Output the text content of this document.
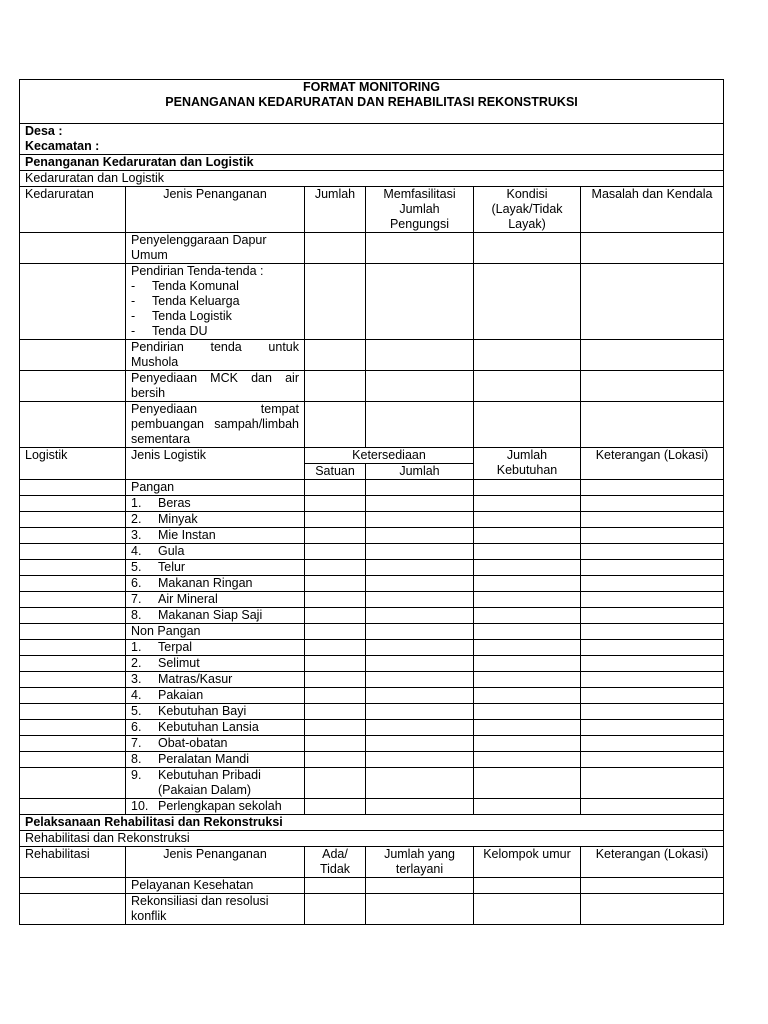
FORMAT MONITORING
PENANGANAN KEDARURATAN DAN REHABILITASI REKONSTRUKSI					

Desa :
Kecamatan :					

Penanganan Kedaruratan dan Logistik					
Kedaruratan dan Logistik					
Kedaruratan	Jenis Penanganan	Jumlah	Memfasilitasi Jumlah Pengungsi	Kondisi (Layak/Tidak Layak)	Masalah dan Kendala
	Penyelenggaraan Dapur Umum				

	Pendirian Tenda-tenda :
- Tenda Komunal
- Tenda Keluarga
- Tenda Logistik
- Tenda DU				

	Pendirian tenda untuk Mushola				
	Penyediaan MCK dan air bersih				
	Penyediaan tempat pembuangan sampah/limbah sementara				
Logistik	Jenis Logistik	Ketersediaan		Jumlah Kebutuhan	Keterangan (Lokasi)
		Satuan	Jumlah		
	Pangan				

	1. Beras				

	2. Minyak				

	3. Mie Instan				

	4. Gula				

	5. Telur				

	6. Makanan Ringan				

	7. Air Mineral				

	8. Makanan Siap Saji				

	Non Pangan				

	1. Terpal				

	2. Selimut				

	3. Matras/Kasur				

	4. Pakaian				

	5. Kebutuhan Bayi				

	6. Kebutuhan Lansia				

	7. Obat-obatan				

	8. Peralatan Mandi				

	9. Kebutuhan Pribadi (Pakaian Dalam)				

	10. Perlengkapan sekolah				

Pelaksanaan Rehabilitasi dan Rekonstruksi					
Rehabilitasi dan Rekonstruksi					
Rehabilitasi	Jenis Penanganan	Ada/ Tidak	Jumlah yang terlayani	Kelompok umur	Keterangan (Lokasi)
	Pelayanan Kesehatan				
	Rekonsiliasi dan resolusi konflik				
